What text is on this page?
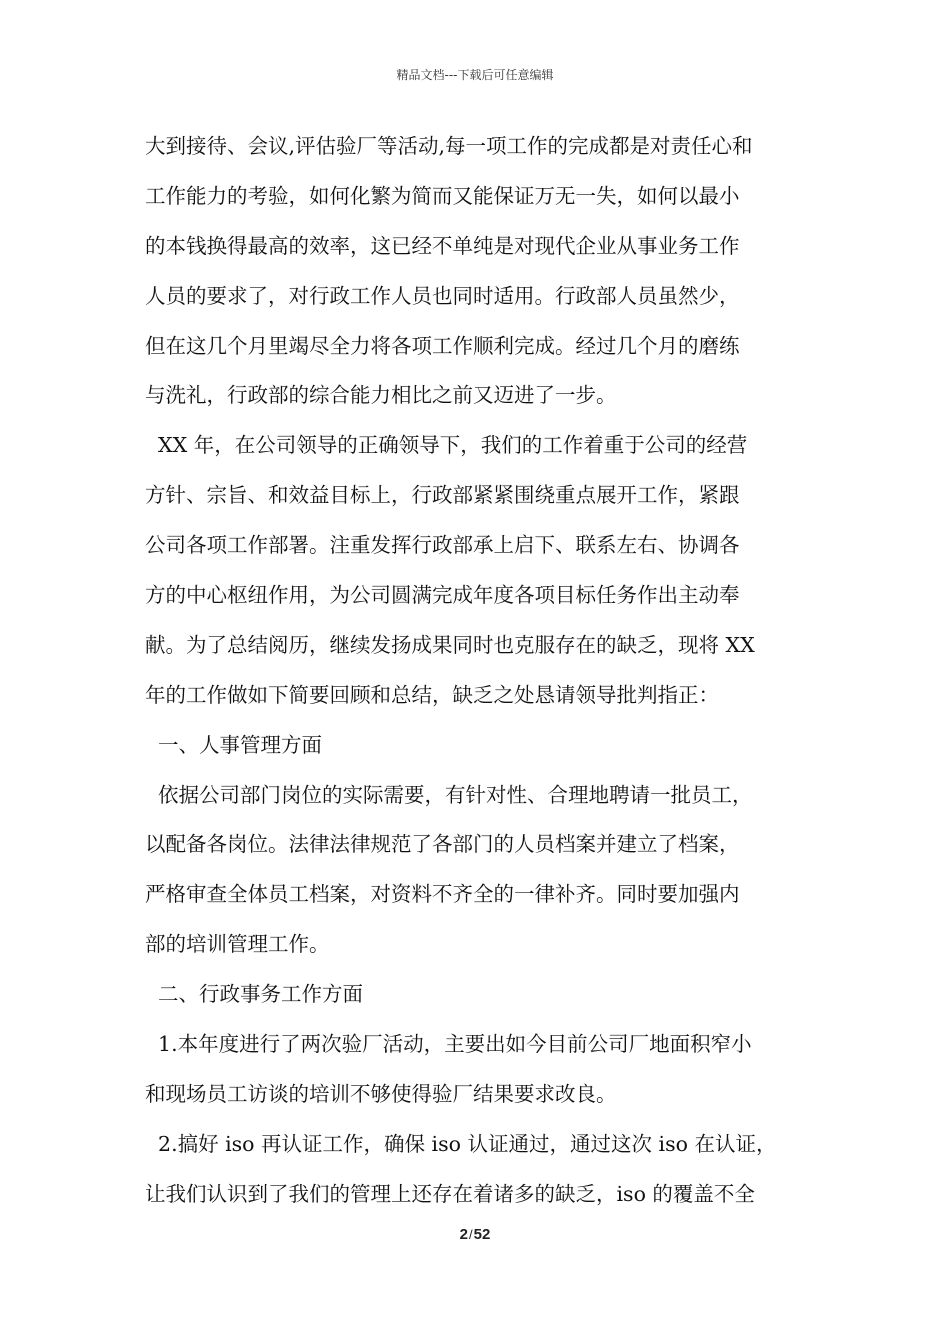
精品文档---下载后可任意编辑
大到接待、会议,评估验厂等活动,每一项工作的完成都是对责任心和
工作能力的考验，如何化繁为简而又能保证万无一失，如何以最小
的本钱换得最高的效率，这已经不单纯是对现代企业从事业务工作
人员的要求了，对行政工作人员也同时适用。行政部人员虽然少，
但在这几个月里竭尽全力将各项工作顺利完成。经过几个月的磨练
与洗礼，行政部的综合能力相比之前又迈进了一步。
XX 年，在公司领导的正确领导下，我们的工作着重于公司的经营
方针、宗旨、和效益目标上，行政部紧紧围绕重点展开工作，紧跟
公司各项工作部署。注重发挥行政部承上启下、联系左右、协调各
方的中心枢纽作用，为公司圆满完成年度各项目标任务作出主动奉
献。为了总结阅历，继续发扬成果同时也克服存在的缺乏，现将 XX
年的工作做如下简要回顾和总结，缺乏之处恳请领导批判指正：
一、人事管理方面
依据公司部门岗位的实际需要，有针对性、合理地聘请一批员工，
以配备各岗位。法律法律规范了各部门的人员档案并建立了档案，
严格审查全体员工档案，对资料不齐全的一律补齐。同时要加强内
部的培训管理工作。
二、行政事务工作方面
1.本年度进行了两次验厂活动，主要出如今目前公司厂地面积窄小
和现场员工访谈的培训不够使得验厂结果要求改良。
2.搞好 iso 再认证工作，确保 iso 认证通过，通过这次 iso 在认证，
让我们认识到了我们的管理上还存在着诸多的缺乏，iso 的覆盖不全
2/52
